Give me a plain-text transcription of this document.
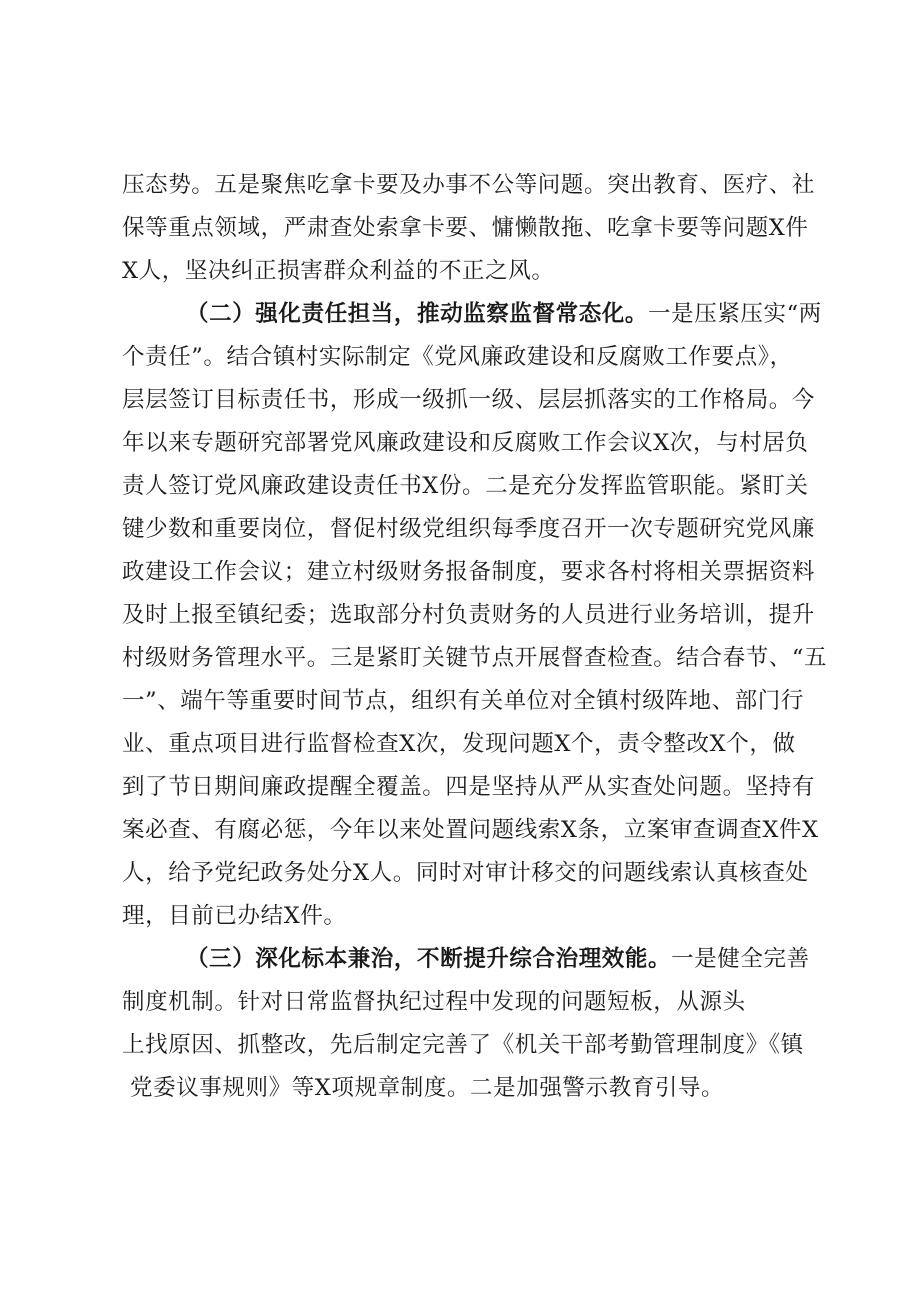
压态势。五是聚焦吃拿卡要及办事不公等问题。突出教育、医疗、社
保等重点领域，严肃查处索拿卡要、慵懒散拖、吃拿卡要等问题X件
X人，坚决纠正损害群众利益的不正之风。
（二）强化责任担当，推动监察监督常态化。一是压紧压实“两
个责任”。结合镇村实际制定《党风廉政建设和反腐败工作要点》，
层层签订目标责任书，形成一级抓一级、层层抓落实的工作格局。今
年以来专题研究部署党风廉政建设和反腐败工作会议X次，与村居负
责人签订党风廉政建设责任书X份。二是充分发挥监管职能。紧盯关
键少数和重要岗位，督促村级党组织每季度召开一次专题研究党风廉
政建设工作会议；建立村级财务报备制度，要求各村将相关票据资料
及时上报至镇纪委；选取部分村负责财务的人员进行业务培训，提升
村级财务管理水平。三是紧盯关键节点开展督查检查。结合春节、“五
一”、端午等重要时间节点，组织有关单位对全镇村级阵地、部门行
业、重点项目进行监督检查X次，发现问题X个，责令整改X个，做
到了节日期间廉政提醒全覆盖。四是坚持从严从实查处问题。坚持有
案必查、有腐必惩，今年以来处置问题线索X条，立案审查调查X件X
人，给予党纪政务处分X人。同时对审计移交的问题线索认真核查处
理，目前已办结X件。
（三）深化标本兼治，不断提升综合治理效能。一是健全完善
制度机制。针对日常监督执纪过程中发现的问题短板，从源头
上找原因、抓整改，先后制定完善了《机关干部考勤管理制度》《镇
党委议事规则》等X项规章制度。二是加强警示教育引导。
